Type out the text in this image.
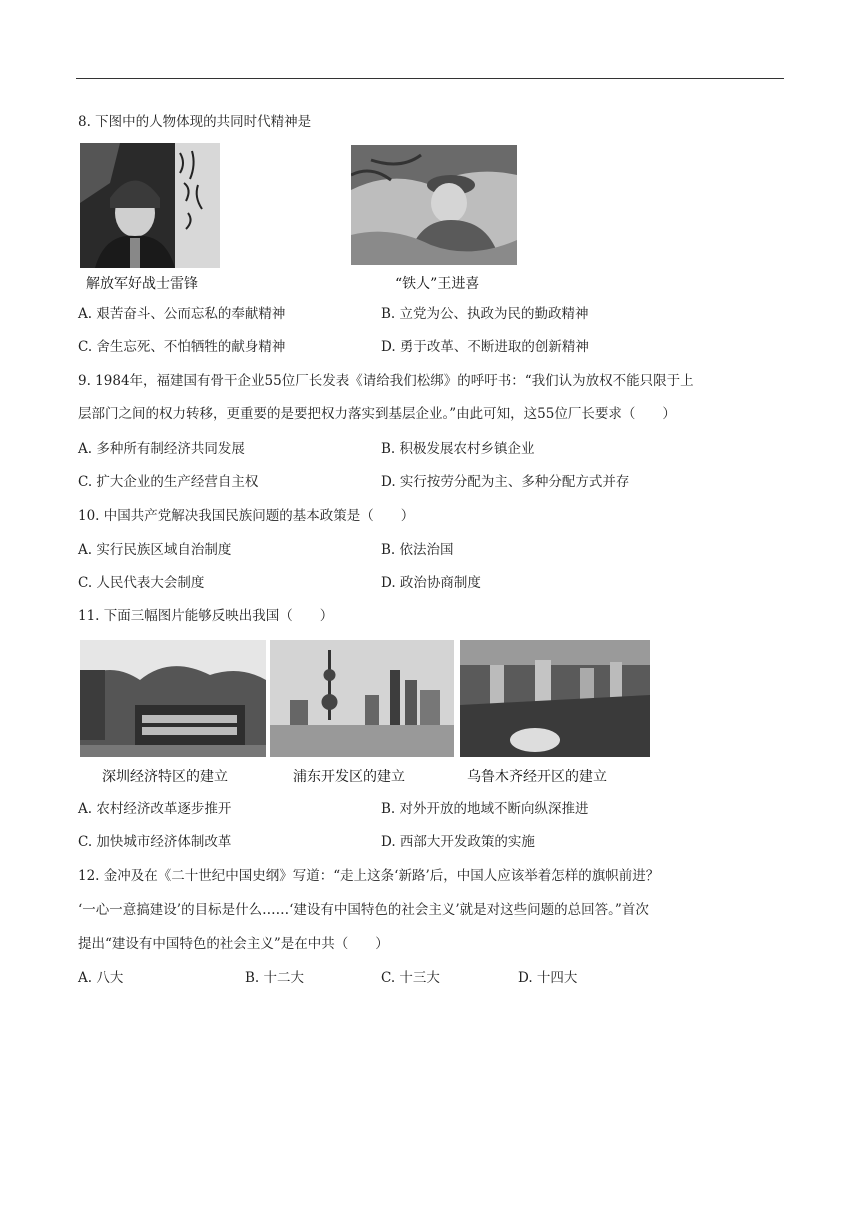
8. 下图中的人物体现的共同时代精神是
解放军好战士雷锋	“铁人”王进喜
A. 艰苦奋斗、公而忘私的奉献精神	B. 立党为公、执政为民的勤政精神
C. 舍生忘死、不怕牺牲的献身精神	D. 勇于改革、不断进取的创新精神
9. 1984年，福建国有骨干企业55位厂长发表《请给我们松绑》的呼吁书：“我们认为放权不能只限于上
层部门之间的权力转移，更重要的是要把权力落实到基层企业。”由此可知，这55位厂长要求（　　）
A. 多种所有制经济共同发展	B. 积极发展农村乡镇企业
C. 扩大企业的生产经营自主权	D. 实行按劳分配为主、多种分配方式并存
10. 中国共产党解决我国民族问题的基本政策是（　　）
A. 实行民族区域自治制度	B. 依法治国
C. 人民代表大会制度	D. 政治协商制度
11. 下面三幅图片能够反映出我国（　　）
深圳经济特区的建立	浦东开发区的建立	乌鲁木齐经开区的建立
A. 农村经济改革逐步推开	B. 对外开放的地域不断向纵深推进
C. 加快城市经济体制改革	D. 西部大开发政策的实施
12. 金冲及在《二十世纪中国史纲》写道：“走上这条‘新路’后，中国人应该举着怎样的旗帜前进？
‘一心一意搞建设’的目标是什么……‘建设有中国特色的社会主义’就是对这些问题的总回答。”首次
提出“建设有中国特色的社会主义”是在中共（　　）
A. 八大	B. 十二大	C. 十三大	D. 十四大
